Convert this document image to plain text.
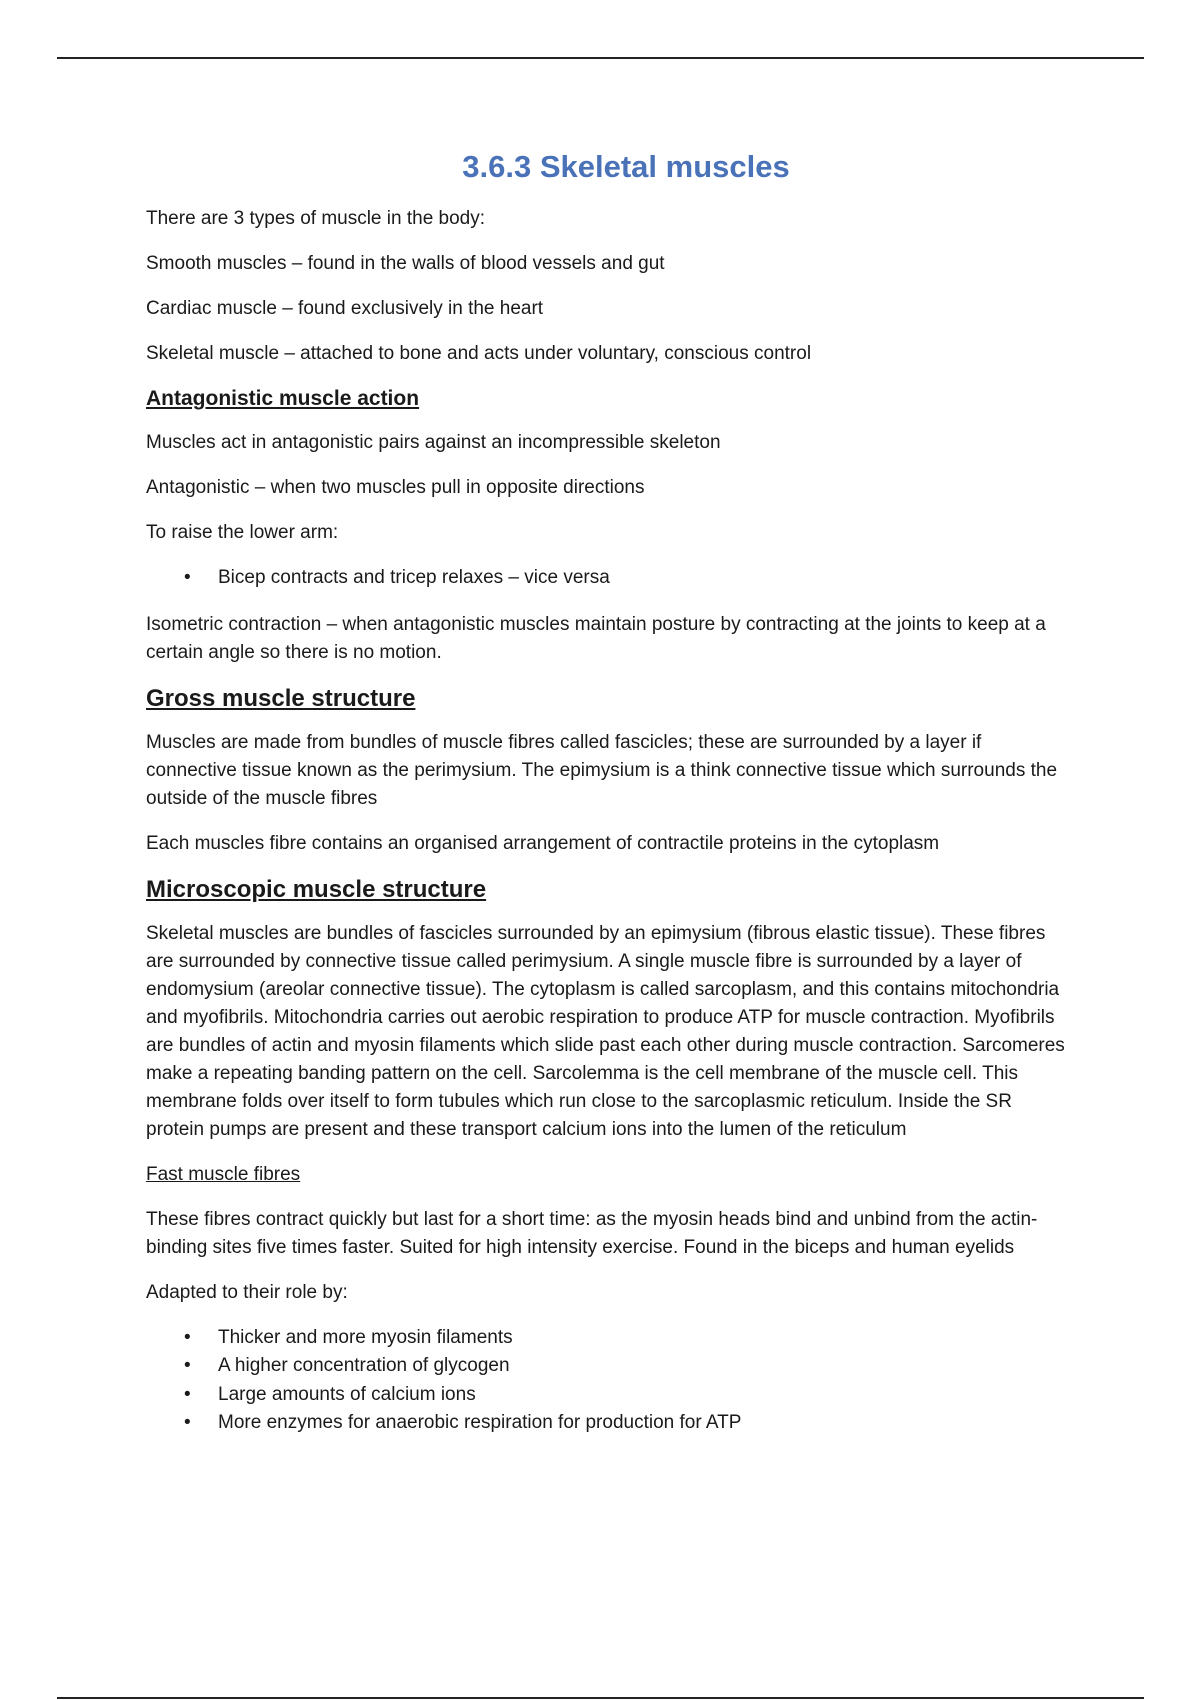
3.6.3 Skeletal muscles

There are 3 types of muscle in the body:

Smooth muscles – found in the walls of blood vessels and gut

Cardiac muscle – found exclusively in the heart

Skeletal muscle – attached to bone and acts under voluntary, conscious control

Antagonistic muscle action

Muscles act in antagonistic pairs against an incompressible skeleton

Antagonistic – when two muscles pull in opposite directions

To raise the lower arm:

• Bicep contracts and tricep relaxes – vice versa

Isometric contraction – when antagonistic muscles maintain posture by contracting at the joints to keep at a certain angle so there is no motion.

Gross muscle structure

Muscles are made from bundles of muscle fibres called fascicles; these are surrounded by a layer if connective tissue known as the perimysium. The epimysium is a think connective tissue which surrounds the outside of the muscle fibres

Each muscles fibre contains an organised arrangement of contractile proteins in the cytoplasm

Microscopic muscle structure

Skeletal muscles are bundles of fascicles surrounded by an epimysium (fibrous elastic tissue). These fibres are surrounded by connective tissue called perimysium. A single muscle fibre is surrounded by a layer of endomysium (areolar connective tissue). The cytoplasm is called sarcoplasm, and this contains mitochondria and myofibrils. Mitochondria carries out aerobic respiration to produce ATP for muscle contraction. Myofibrils are bundles of actin and myosin filaments which slide past each other during muscle contraction. Sarcomeres make a repeating banding pattern on the cell. Sarcolemma is the cell membrane of the muscle cell. This membrane folds over itself to form tubules which run close to the sarcoplasmic reticulum. Inside the SR protein pumps are present and these transport calcium ions into the lumen of the reticulum

Fast muscle fibres

These fibres contract quickly but last for a short time: as the myosin heads bind and unbind from the actin-binding sites five times faster. Suited for high intensity exercise. Found in the biceps and human eyelids

Adapted to their role by:

• Thicker and more myosin filaments
• A higher concentration of glycogen
• Large amounts of calcium ions
• More enzymes for anaerobic respiration for production for ATP
